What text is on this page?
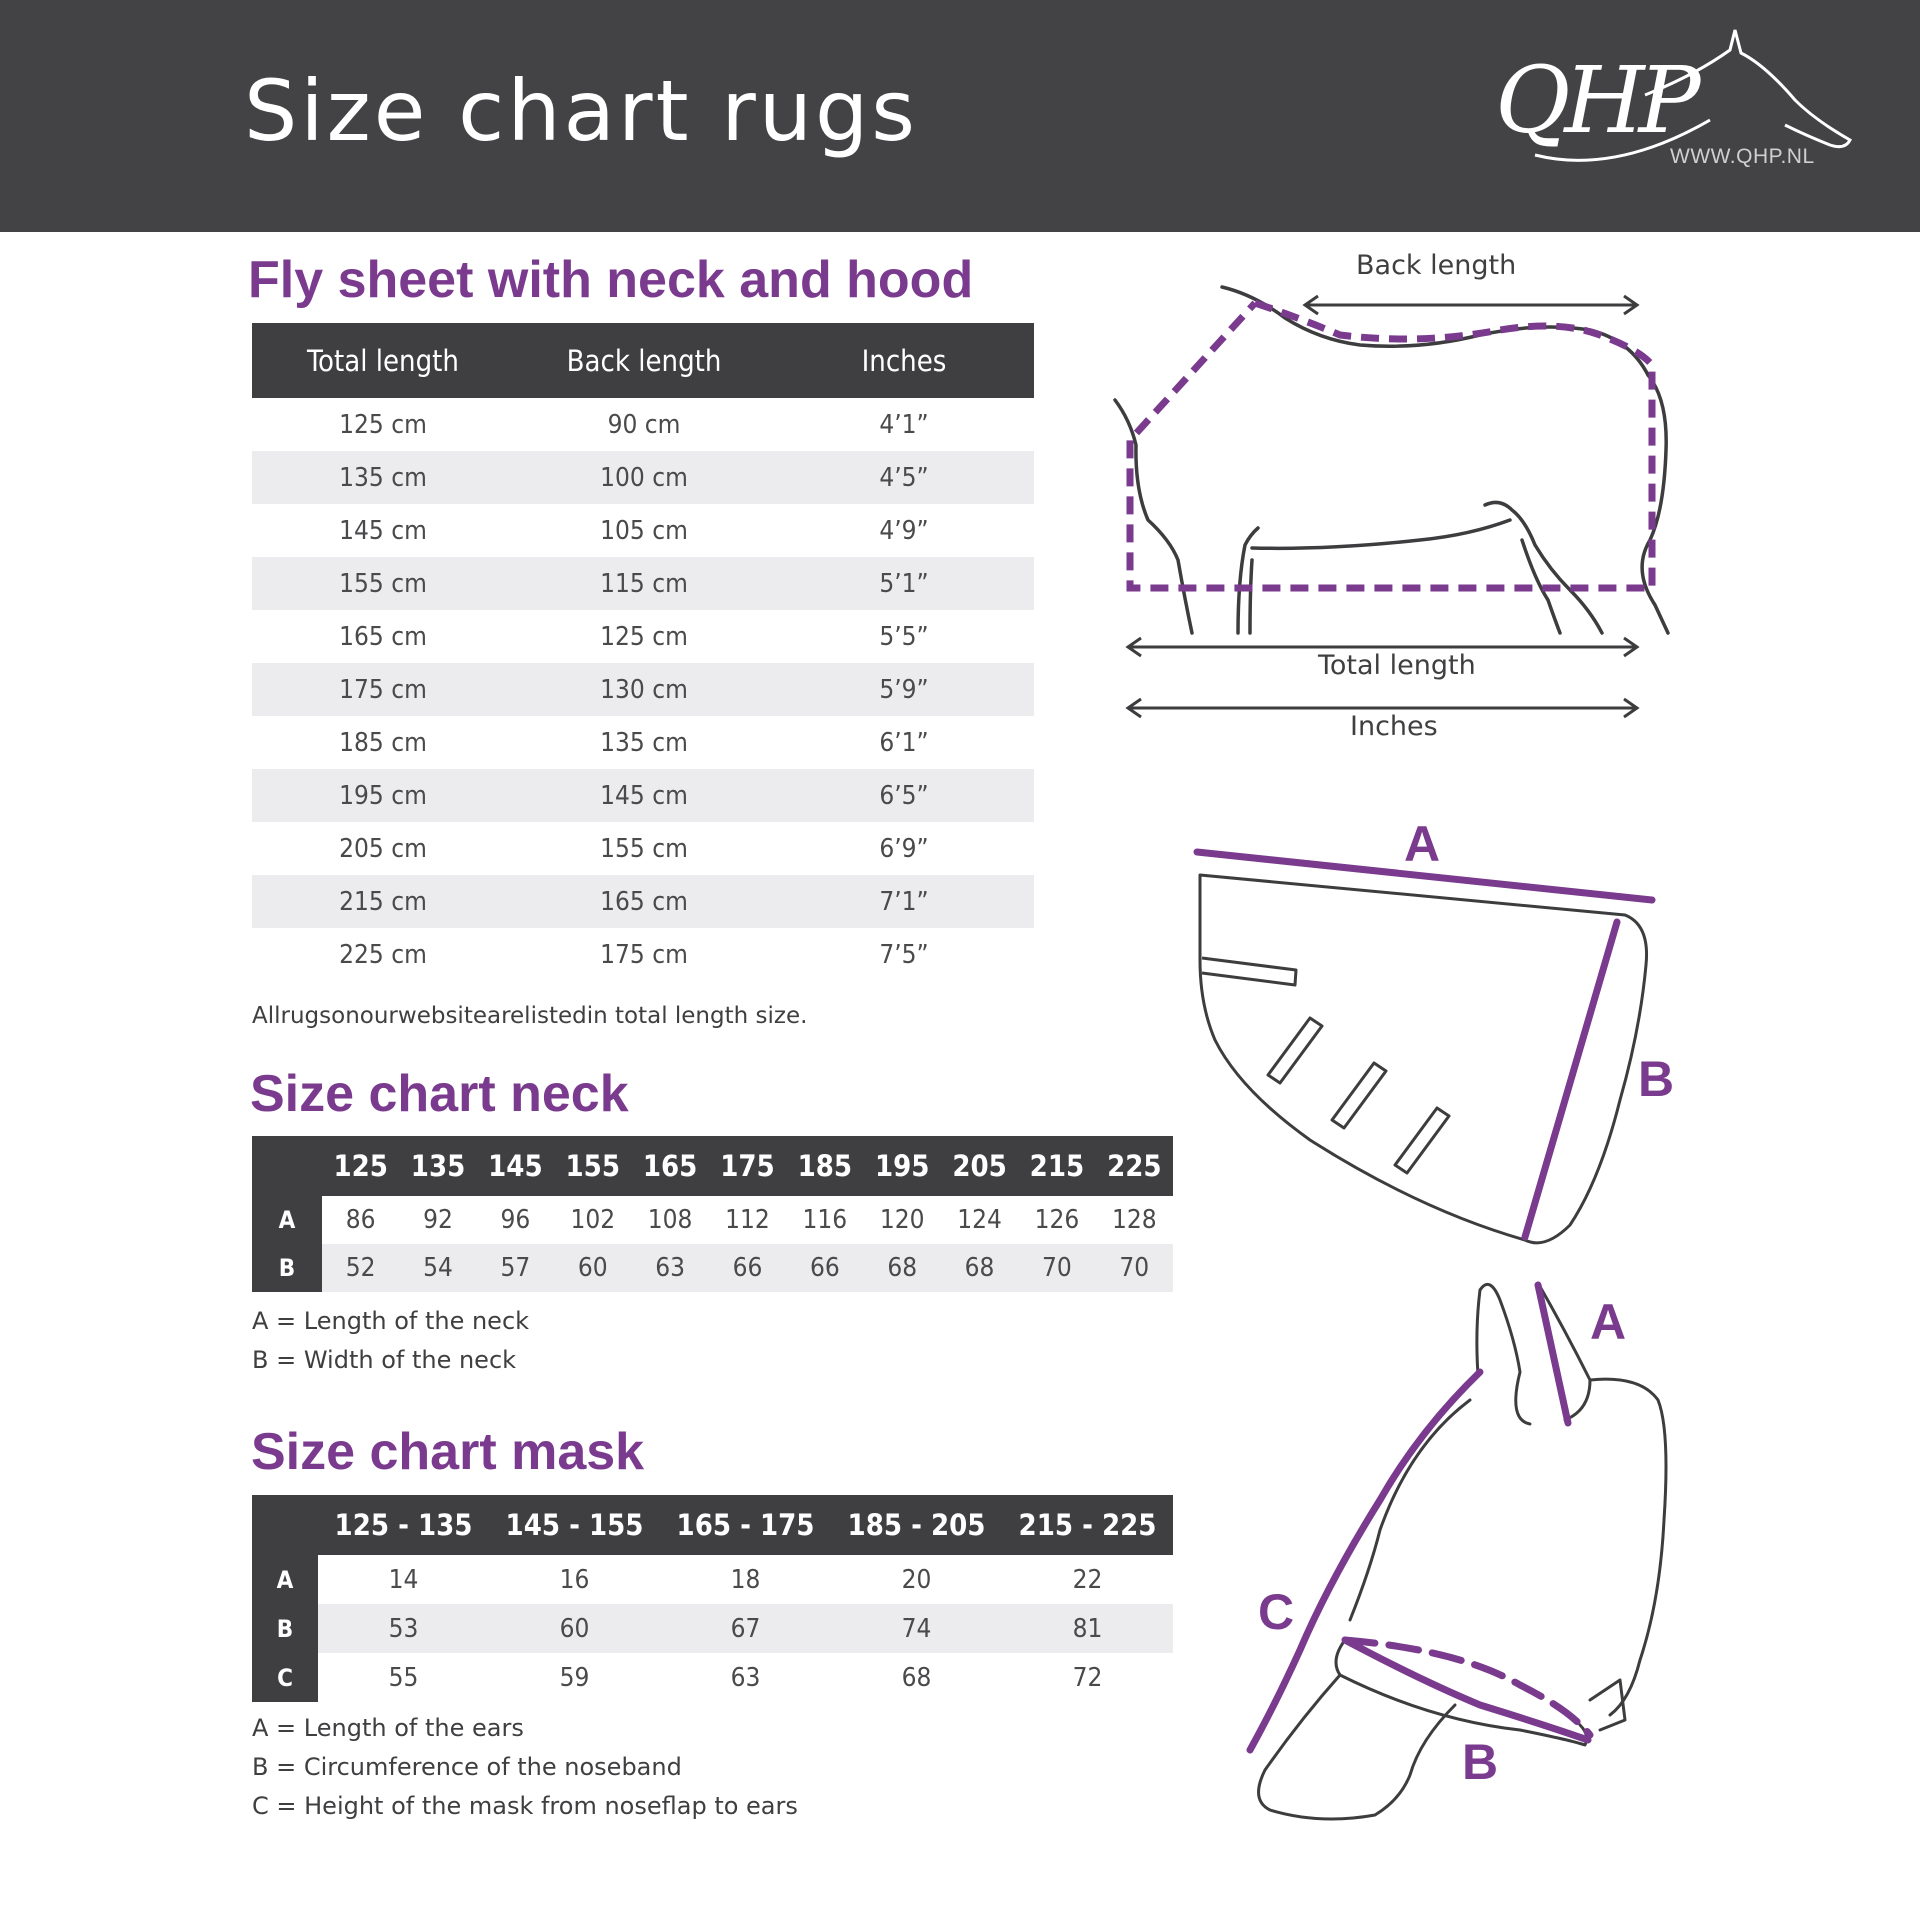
Size chart rugs	QHP
WWW.QHP.NL
Fly sheet with neck and hood
Total length	Back length	Inches
125 cm	90 cm	4’1”
135 cm	100 cm	4’5”
145 cm	105 cm	4’9”
155 cm	115 cm	5’1”
165 cm	125 cm	5’5”
175 cm	130 cm	5’9”
185 cm	135 cm	6’1”
195 cm	145 cm	6’5”
205 cm	155 cm	6’9”
215 cm	165 cm	7’1”
225 cm	175 cm	7’5”
Allrugsonourwebsitearelistedin total length size.
Size chart neck
	125	135	145	155	165	175	185	195	205	215	225
A	86	92	96	102	108	112	116	120	124	126	128
B	52	54	57	60	63	66	66	68	68	70	70
A = Length of the neck
B = Width of the neck
Size chart mask
	125 - 135	145 - 155	165 - 175	185 - 205	215 - 225
A	14	16	18	20	22
B	53	60	67	74	81
C	55	59	63	68	72
A = Length of the ears
B = Circumference of the noseband
C = Height of the mask from noseflap to ears
Back length
Total length
Inches
A
B
A
C
B
